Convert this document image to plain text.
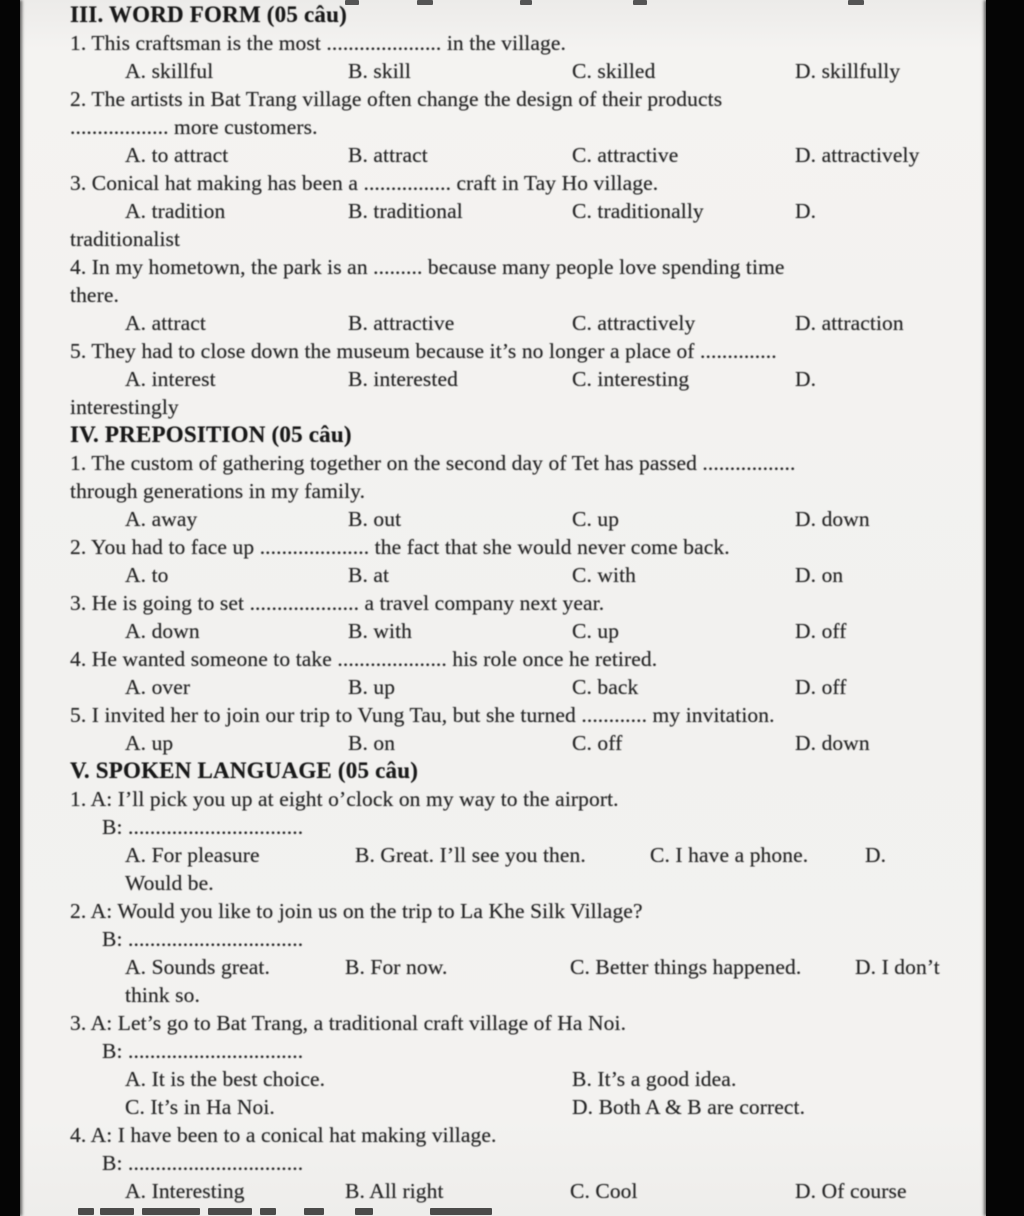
III. WORD FORM (05 câu)
1. This craftsman is the most ..................... in the village.
A. skillful	B. skill	C. skilled	D. skillfully
2. The artists in Bat Trang village often change the design of their products
.................. more customers.
A. to attract	B. attract	C. attractive	D. attractively
3. Conical hat making has been a ................ craft in Tay Ho village.
A. tradition	B. traditional	C. traditionally	D.
traditionalist
4. In my hometown, the park is an ......... because many people love spending time
there.
A. attract	B. attractive	C. attractively	D. attraction
5. They had to close down the museum because it’s no longer a place of ..............
A. interest	B. interested	C. interesting	D.
interestingly
IV. PREPOSITION (05 câu)
1. The custom of gathering together on the second day of Tet has passed .................
through generations in my family.
A. away	B. out	C. up	D. down
2. You had to face up .................... the fact that she would never come back.
A. to	B. at	C. with	D. on
3. He is going to set .................... a travel company next year.
A. down	B. with	C. up	D. off
4. He wanted someone to take .................... his role once he retired.
A. over	B. up	C. back	D. off
5. I invited her to join our trip to Vung Tau, but she turned ............ my invitation.
A. up	B. on	C. off	D. down
V. SPOKEN LANGUAGE (05 câu)
1. A: I’ll pick you up at eight o’clock on my way to the airport.
B: ................................
A. For pleasure	B. Great. I’ll see you then.	C. I have a phone.	D.
Would be.
2. A: Would you like to join us on the trip to La Khe Silk Village?
B: ................................
A. Sounds great.	B. For now.	C. Better things happened. D. I don’t
think so.
3. A: Let’s go to Bat Trang, a traditional craft village of Ha Noi.
B: ................................
A. It is the best choice.	B. It’s a good idea.
C. It’s in Ha Noi.	D. Both A & B are correct.
4. A: I have been to a conical hat making village.
B: ................................
A. Interesting	B. All right	C. Cool	D. Of course
